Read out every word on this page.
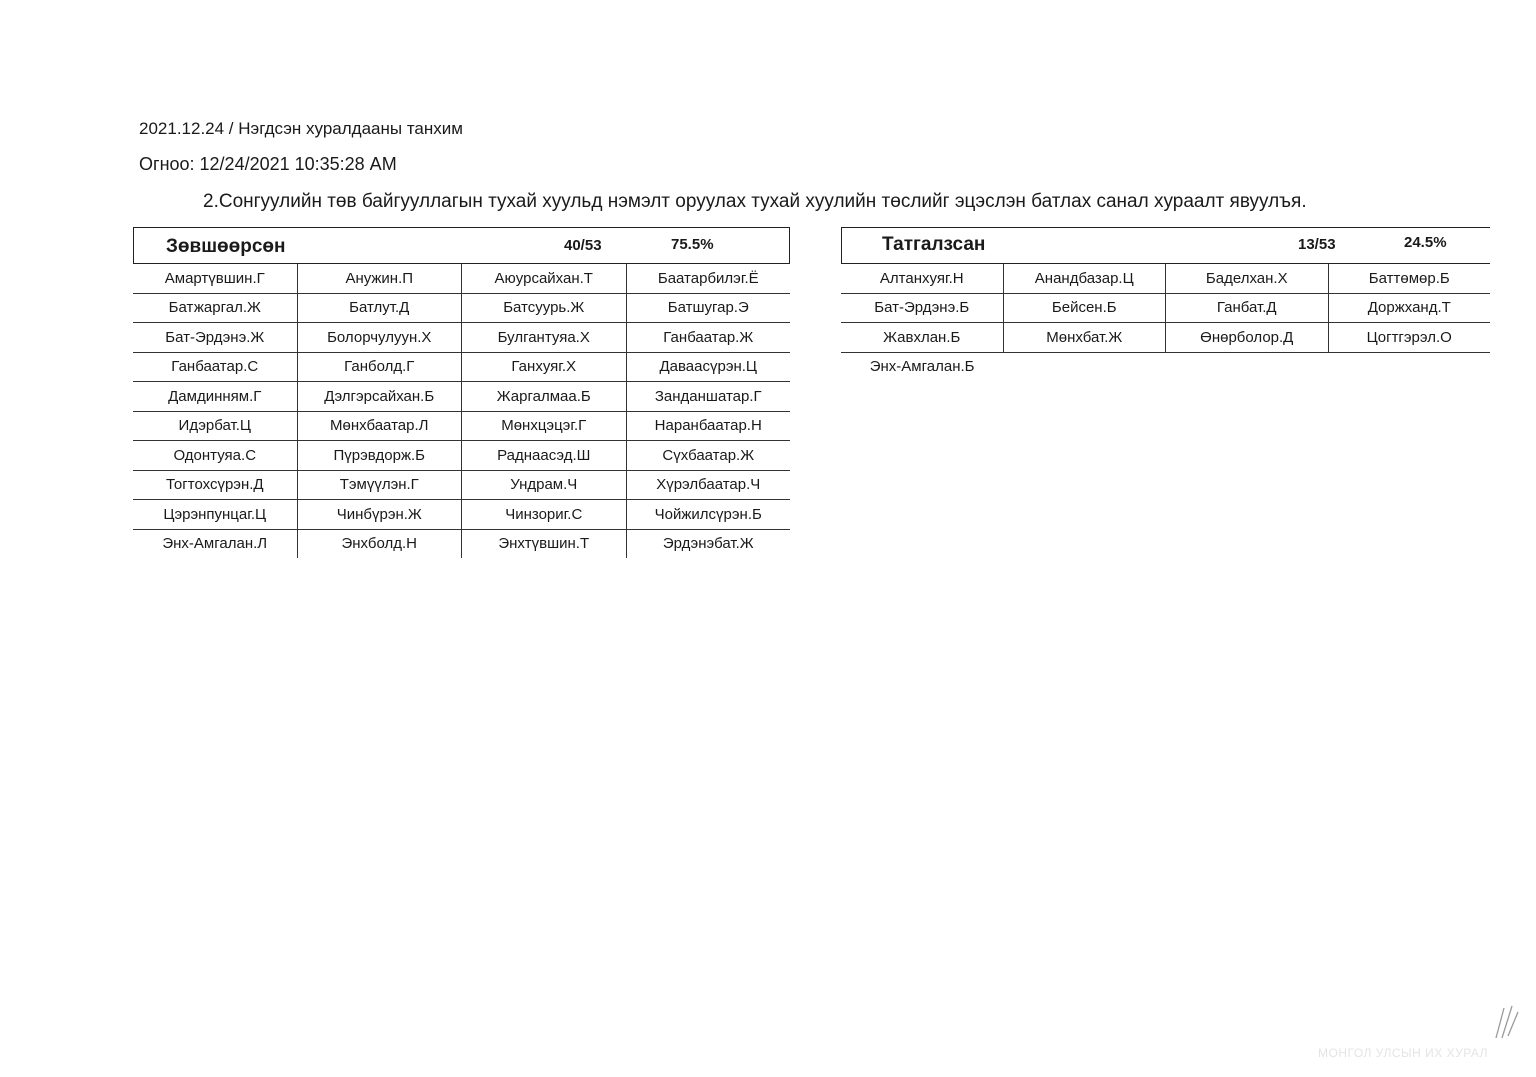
2021.12.24 / Нэгдсэн хуралдааны танхим
Огноо: 12/24/2021 10:35:28 AM
2.Сонгуулийн төв байгууллагын тухай хуульд нэмэлт оруулах тухай хуулийн төслийг эцэслэн батлах санал хураалт явуулъя.
Зөвшөөрсөн	40/53	75.5%
Амартүвшин.Г	Анужин.П	Аюурсайхан.Т	Баатарбилэг.Ё
Батжаргал.Ж	Батлут.Д	Батсуурь.Ж	Батшугар.Э
Бат-Эрдэнэ.Ж	Болорчулуун.Х	Булгантуяа.Х	Ганбаатар.Ж
Ганбаатар.С	Ганболд.Г	Ганхуяг.Х	Даваасүрэн.Ц
Дамдинням.Г	Дэлгэрсайхан.Б	Жаргалмаа.Б	Занданшатар.Г
Идэрбат.Ц	Мөнхбаатар.Л	Мөнхцэцэг.Г	Наранбаатар.Н
Одонтуяа.С	Пүрэвдорж.Б	Раднаасэд.Ш	Сүхбаатар.Ж
Тогтохсүрэн.Д	Тэмүүлэн.Г	Ундрам.Ч	Хүрэлбаатар.Ч
Цэрэнпунцаг.Ц	Чинбүрэн.Ж	Чинзориг.С	Чойжилсүрэн.Б
Энх-Амгалан.Л	Энхболд.Н	Энхтүвшин.Т	Эрдэнэбат.Ж
Татгалзсан	13/53	24.5%
Алтанхуяг.Н	Анандбазар.Ц	Баделхан.Х	Баттөмөр.Б
Бат-Эрдэнэ.Б	Бейсен.Б	Ганбат.Д	Доржханд.Т
Жавхлан.Б	Мөнхбат.Ж	Өнөрболор.Д	Цогтгэрэл.О
Энх-Амгалан.Б
МОНГОЛ УЛСЫН ИХ ХУРАЛ
